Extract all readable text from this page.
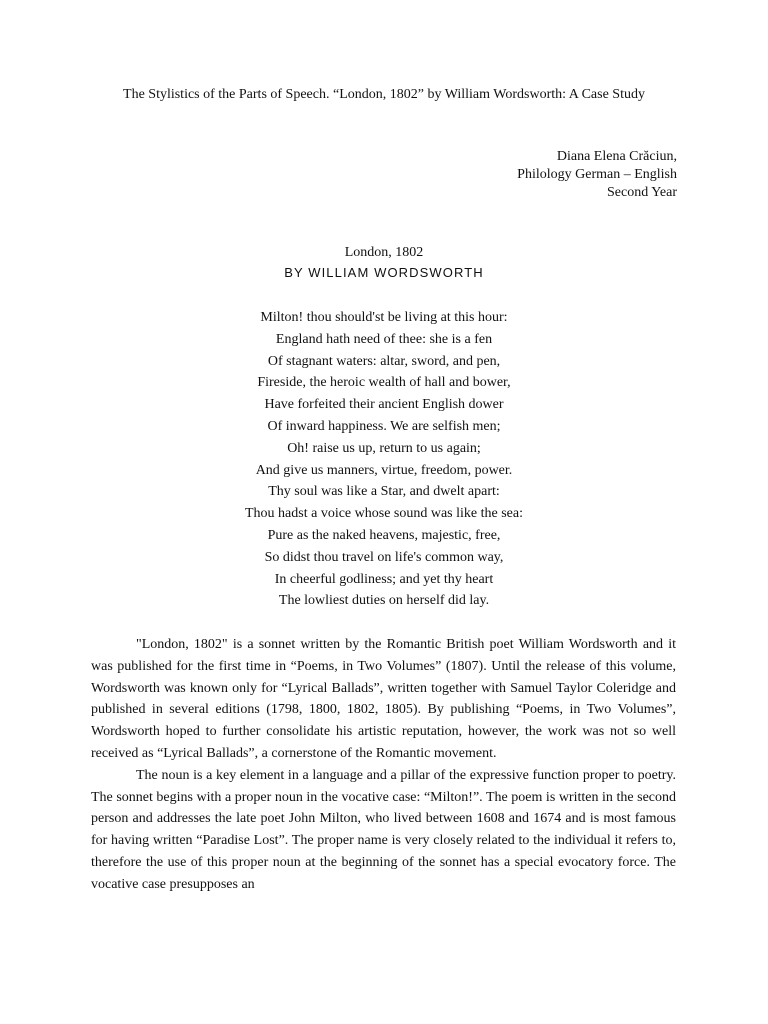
The Stylistics of the Parts of Speech. “London, 1802” by William Wordsworth: A Case Study
Diana Elena Crăciun,
Philology German – English
Second Year
London, 1802
BY WILLIAM WORDSWORTH
Milton! thou should'st be living at this hour:
England hath need of thee: she is a fen
Of stagnant waters: altar, sword, and pen,
Fireside, the heroic wealth of hall and bower,
Have forfeited their ancient English dower
Of inward happiness. We are selfish men;
Oh! raise us up, return to us again;
And give us manners, virtue, freedom, power.
Thy soul was like a Star, and dwelt apart:
Thou hadst a voice whose sound was like the sea:
Pure as the naked heavens, majestic, free,
So didst thou travel on life's common way,
In cheerful godliness; and yet thy heart
The lowliest duties on herself did lay.

"London, 1802" is a sonnet written by the Romantic British poet William Wordsworth and it was published for the first time in “Poems, in Two Volumes” (1807). Until the release of this volume, Wordsworth was known only for “Lyrical Ballads”, written together with Samuel Taylor Coleridge and published in several editions (1798, 1800, 1802, 1805). By publishing “Poems, in Two Volumes”, Wordsworth hoped to further consolidate his artistic reputation, however, the work was not so well received as “Lyrical Ballads”, a cornerstone of the Romantic movement.

The noun is a key element in a language and a pillar of the expressive function proper to poetry. The sonnet begins with a proper noun in the vocative case: “Milton!”. The poem is written in the second person and addresses the late poet John Milton, who lived between 1608 and 1674 and is most famous for having written “Paradise Lost”. The proper name is very closely related to the individual it refers to, therefore the use of this proper noun at the beginning of the sonnet has a special evocatory force. The vocative case presupposes an
